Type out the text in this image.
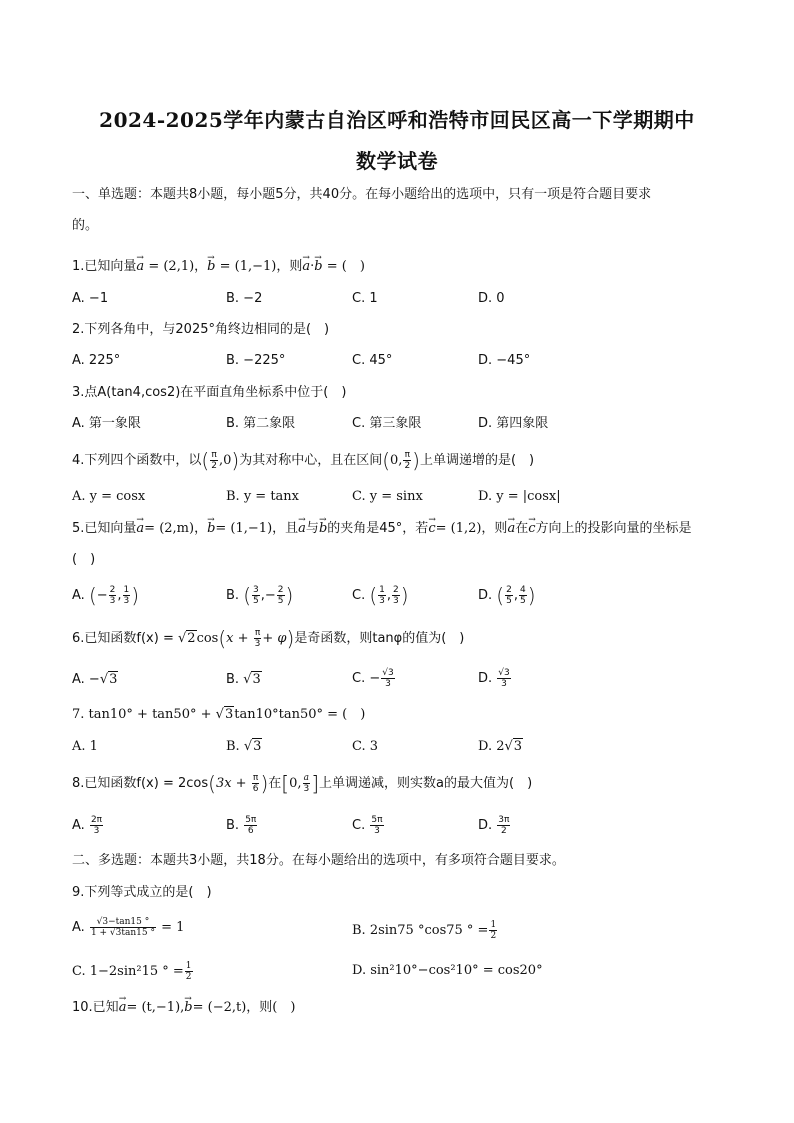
2024-2025学年内蒙古自治区呼和浩特市回民区高一下学期期中
数学试卷
一、单选题：本题共8小题，每小题5分，共40分。在每小题给出的选项中，只有一项是符合题目要求
的。
1.已知向量→ a = (2,1)，→ b = (1,−1)，则→ a·→ b = (　)
A. −1	B. −2	C. 1	D. 0
2.下列各角中，与2025°角终边相同的是(　)
A. 225°	B. −225°	C. 45°	D. −45°
3.点A(tan4,cos2)在平面直角坐标系中位于(　)
A. 第一象限	B. 第二象限	C. 第三象限	D. 第四象限
4.下列四个函数中，以( $\frac{\pi}{2} ,0$)为其对称中心，且在区间(0, $\frac{\pi}{2}$ )上单调递增的是(　)
A. y = cosx	B. y = tanx	C. y = sinx	D. y = |cosx|
5.已知向量→ a= (2,m)，→ b= (1,−1)，且→ a与→ b的夹角是45°，若→ c= (1,2)，则→ a在→ c方向上的投影向量的坐标是
(　)
A. (− $\frac{2}{3}$ , $\frac{1}{3}$ )	B. ( $\frac{3}{5}$ ,− $\frac{2}{5}$ )	C. ( $\frac{1}{3}$ , $\frac{2}{3}$ )	D. ( $\frac{2}{5}$ , $\frac{4}{5}$ )
6.已知函数$f(x) = √2\cos(x + \frac{\pi}{3} + \varphi)$是奇函数，则tanφ的值为(　)
A. −√3	B. √3	C. − $\frac{√3}{3}$	D. $\frac{√3}{3}$
7. tan10° + tan50° + √3tan10°tan50° = (　)
A. 1	B. √3	C. 3	D. 2√3
8.已知函数$f(x) = 2\cos(3x + \frac{\pi}{6}$ )在[0, $\frac{a}{3}$ ]上单调递减，则实数a的最大值为(　)
A. $\frac{2\pi}{3}$	B. $\frac{5\pi}{6}$	C. $\frac{5\pi}{3}$	D. $\frac{3\pi}{2}$
二、多选题：本题共3小题，共18分。在每小题给出的选项中，有多项符合题目要求。
9.下列等式成立的是(　)
A. $\frac{√3-\tan 15 ^\circ}{1 + √3\tan 15 ^\circ} = 1$	B. 2sin75 °cos75 ° = $\frac{1}{2}$
C. 1−2sin²15 ° = $\frac{1}{2}$	D. sin²10°−cos²10° = cos20°
10.已知→ a= (t,−1),→ b= (−2,t)，则(　)
